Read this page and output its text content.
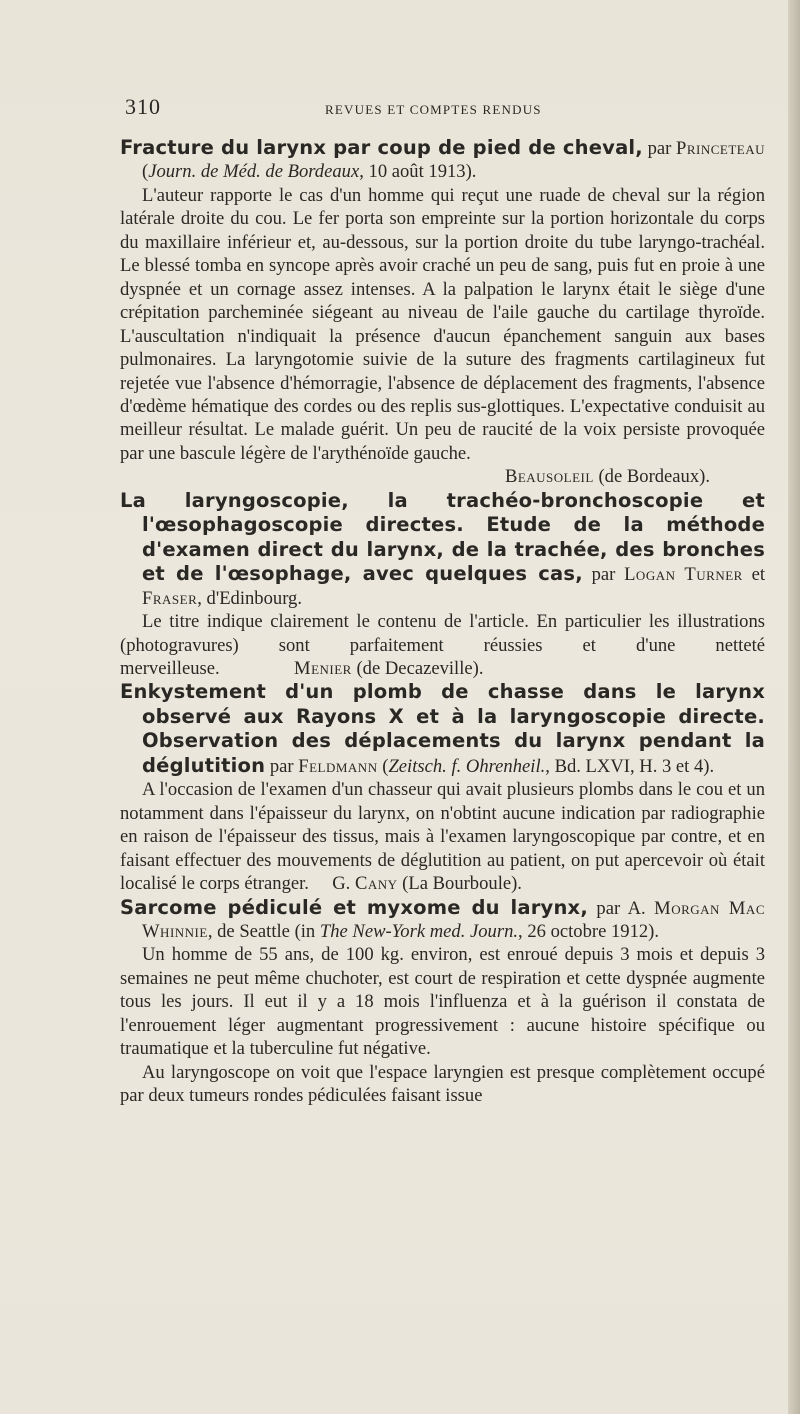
310	REVUES ET COMPTES RENDUS

Fracture du larynx par coup de pied de cheval, par Princeteau (Journ. de Méd. de Bordeaux, 10 août 1913).

L'auteur rapporte le cas d'un homme qui reçut une ruade de cheval sur la région latérale droite du cou. Le fer porta son empreinte sur la portion horizontale du corps du maxillaire inférieur et, au-dessous, sur la portion droite du tube laryngo-trachéal. Le blessé tomba en syncope après avoir craché un peu de sang, puis fut en proie à une dyspnée et un cornage assez intenses. A la palpation le larynx était le siège d'une crépitation parcheminée siégeant au niveau de l'aile gauche du cartilage thyroïde. L'auscultation n'indiquait la présence d'aucun épanchement sanguin aux bases pulmonaires. La laryngotomie suivie de la suture des fragments cartilagineux fut rejetée vue l'absence d'hémorragie, l'absence de déplacement des fragments, l'absence d'œdème hématique des cordes ou des replis sus-glottiques. L'expectative conduisit au meilleur résultat. Le malade guérit. Un peu de raucité de la voix persiste provoquée par une bascule légère de l'arythénoïde gauche.

Beausoleil (de Bordeaux).

La laryngoscopie, la trachéo-bronchoscopie et l'œsophagoscopie directes. Etude de la méthode d'examen direct du larynx, de la trachée, des bronches et de l'œsophage, avec quelques cas, par Logan Turner et Fraser, d'Edinbourg.

Le titre indique clairement le contenu de l'article. En particulier les illustrations (photogravures) sont parfaitement réussies et d'une netteté merveilleuse.	Menier (de Decazeville).

Enkystement d'un plomb de chasse dans le larynx observé aux Rayons X et à la laryngoscopie directe. Observation des déplacements du larynx pendant la déglutition par Feldmann (Zeitsch. f. Ohrenheil., Bd. LXVI, H. 3 et 4).

A l'occasion de l'examen d'un chasseur qui avait plusieurs plombs dans le cou et un notamment dans l'épaisseur du larynx, on n'obtint aucune indication par radiographie en raison de l'épaisseur des tissus, mais à l'examen laryngoscopique par contre, et en faisant effectuer des mouvements de déglutition au patient, on put apercevoir où était localisé le corps étranger. G. Cany (La Bourboule).

Sarcome pédiculé et myxome du larynx, par A. Morgan Mac Whinnie, de Seattle (in The New-York med. Journ., 26 octobre 1912).

Un homme de 55 ans, de 100 kg. environ, est enroué depuis 3 mois et depuis 3 semaines ne peut même chuchoter, est court de respiration et cette dyspnée augmente tous les jours. Il eut il y a 18 mois l'influenza et à la guérison il constata de l'enrouement léger augmentant progressivement : aucune histoire spécifique ou traumatique et la tuberculine fut négative.

Au laryngoscope on voit que l'espace laryngien est presque complètement occupé par deux tumeurs rondes pédiculées faisant issue
